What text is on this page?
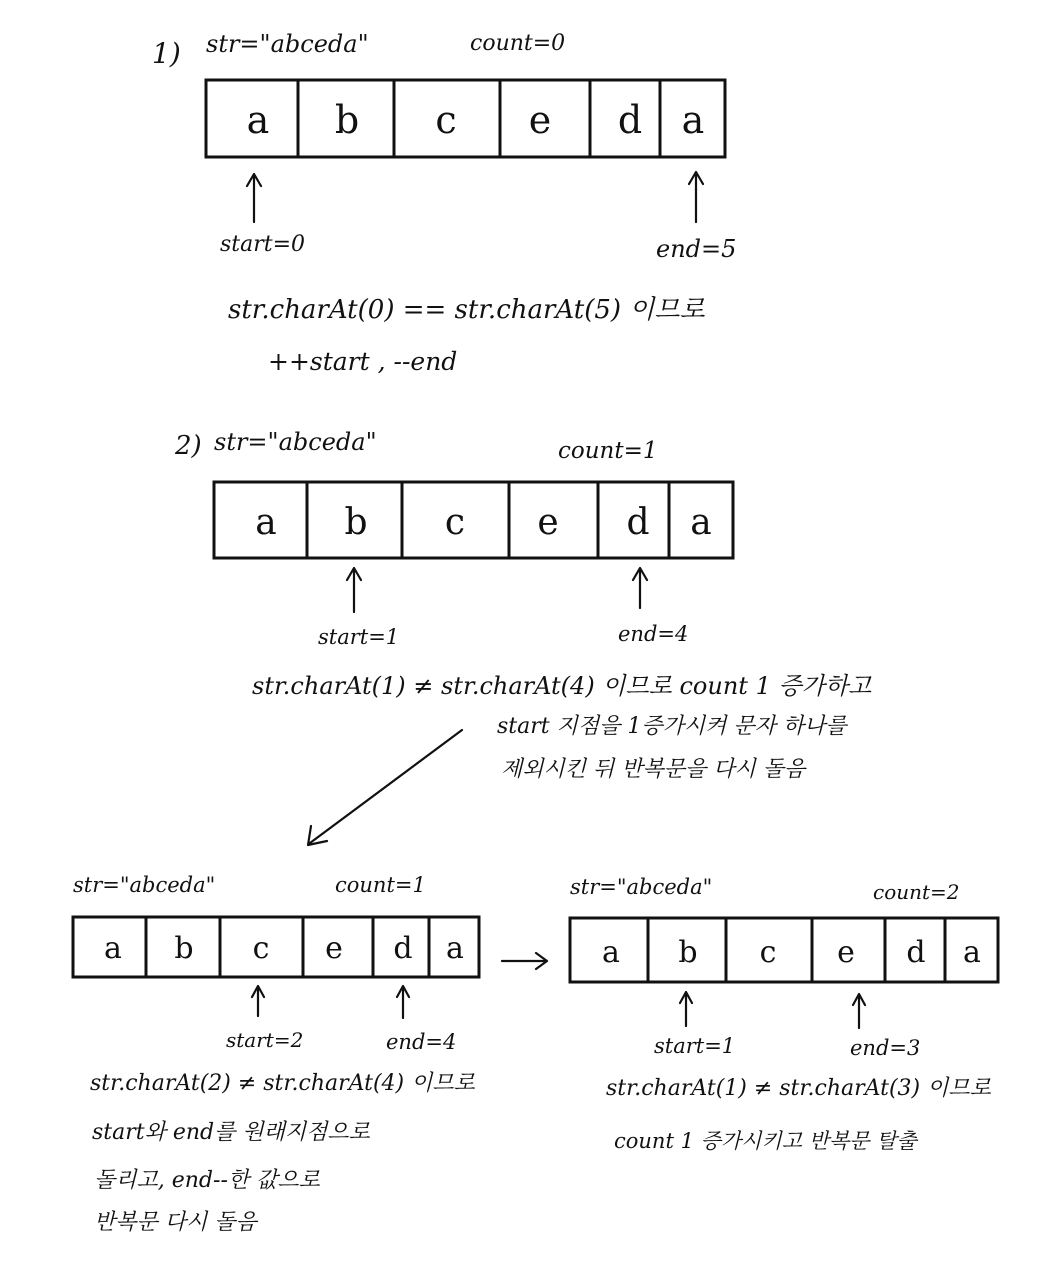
a b c e d a
a b c e d a
a b c e d a	a b c e d a
1) str="abceda"	count=0
start=0	end=5
str.charAt(0) == str.charAt(5) 이므로
++start , --end
2) str="abceda"	count=1
start=1	end=4
str.charAt(1) ≠ str.charAt(4) 이므로 count 1 증가하고
start 지점을 1증가시켜 문자 하나를
제외시킨 뒤 반복문을 다시 돌음
str="abceda"	count=1
start=2	end=4
str.charAt(2) ≠ str.charAt(4) 이므로
start와 end를 원래지점으로
돌리고, end--한 값으로
반복문 다시 돌음
str="abceda"	count=2
start=1	end=3
str.charAt(1) ≠ str.charAt(3) 이므로
count 1 증가시키고 반복문 탈출
